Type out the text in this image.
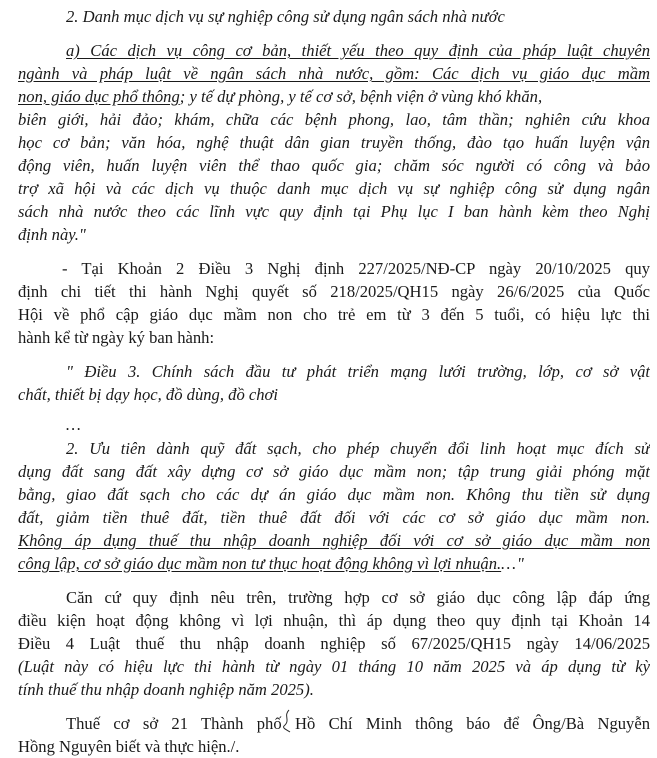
2. Danh mục dịch vụ sự nghiệp công sử dụng ngân sách nhà nước
a) Các dịch vụ công cơ bản, thiết yếu theo quy định của pháp luật chuyên
ngành và pháp luật về ngân sách nhà nước, gồm: Các dịch vụ giáo dục mầm
non, giáo dục phổ thông; y tế dự phòng, y tế cơ sở, bệnh viện ở vùng khó khăn,
biên giới, hải đảo; khám, chữa các bệnh phong, lao, tâm thần; nghiên cứu khoa
học cơ bản; văn hóa, nghệ thuật dân gian truyền thống, đào tạo huấn luyện vận
động viên, huấn luyện viên thể thao quốc gia; chăm sóc người có công và bảo
trợ xã hội và các dịch vụ thuộc danh mục dịch vụ sự nghiệp công sử dụng ngân
sách nhà nước theo các lĩnh vực quy định tại Phụ lục I ban hành kèm theo Nghị
định này."
- Tại Khoản 2 Điều 3 Nghị định 227/2025/NĐ-CP ngày 20/10/2025 quy
định chi tiết thi hành Nghị quyết số 218/2025/QH15 ngày 26/6/2025 của Quốc
Hội về phổ cập giáo dục mầm non cho trẻ em từ 3 đến 5 tuổi, có hiệu lực thi
hành kể từ ngày ký ban hành:
" Điều 3. Chính sách đầu tư phát triển mạng lưới trường, lớp, cơ sở vật
chất, thiết bị dạy học, đồ dùng, đồ chơi
…
2. Ưu tiên dành quỹ đất sạch, cho phép chuyển đổi linh hoạt mục đích sử
dụng đất sang đất xây dựng cơ sở giáo dục mầm non; tập trung giải phóng mặt
bằng, giao đất sạch cho các dự án giáo dục mầm non. Không thu tiền sử dụng
đất, giảm tiền thuê đất, tiền thuê đất đối với các cơ sở giáo dục mầm non.
Không áp dụng thuế thu nhập doanh nghiệp đối với cơ sở giáo dục mầm non
công lập, cơ sở giáo dục mầm non tư thục hoạt động không vì lợi nhuận.…"
Căn cứ quy định nêu trên, trường hợp cơ sở giáo dục công lập đáp ứng
điều kiện hoạt động không vì lợi nhuận, thì áp dụng theo quy định tại Khoản 14
Điều 4 Luật thuế thu nhập doanh nghiệp số 67/2025/QH15 ngày 14/06/2025
(Luật này có hiệu lực thi hành từ ngày 01 tháng 10 năm 2025 và áp dụng từ kỳ
tính thuế thu nhập doanh nghiệp năm 2025).
Thuế cơ sở 21 Thành phố Hồ Chí Minh thông báo để Ông/Bà Nguyễn
Hồng Nguyên biết và thực hiện./.
